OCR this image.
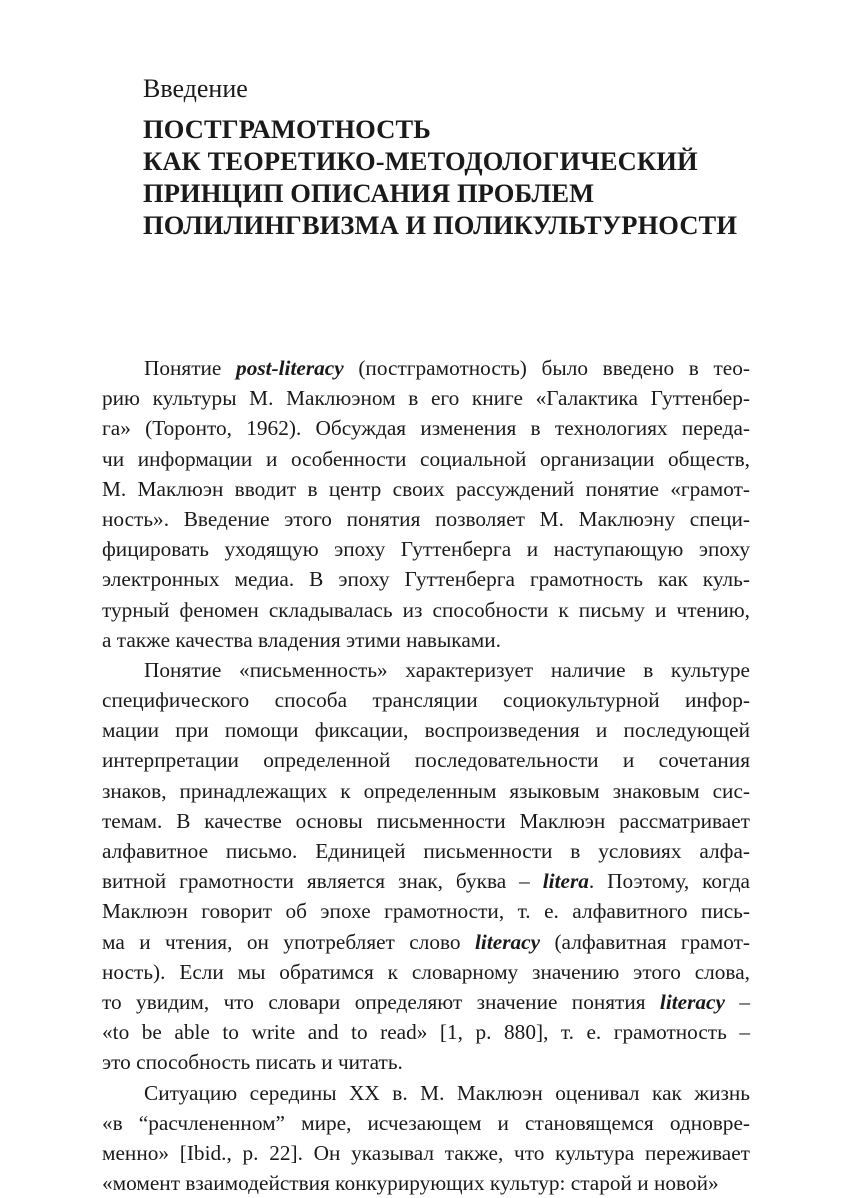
Введение
ПОСТГРАМОТНОСТЬ
КАК ТЕОРЕТИКО-МЕТОДОЛОГИЧЕСКИЙ
ПРИНЦИП ОПИСАНИЯ ПРОБЛЕМ
ПОЛИЛИНГВИЗМА И ПОЛИКУЛЬТУРНОСТИ
Понятие post-literacy (постграмотность) было введено в тео-
рию культуры М. Маклюэном в его книге «Галактика Гуттенбер-
га» (Торонто, 1962). Обсуждая изменения в технологиях переда-
чи информации и особенности социальной организации обществ,
М. Маклюэн вводит в центр своих рассуждений понятие «грамот-
ность». Введение этого понятия позволяет М. Маклюэну специ-
фицировать уходящую эпоху Гуттенберга и наступающую эпоху
электронных медиа. В эпоху Гуттенберга грамотность как куль-
турный феномен складывалась из способности к письму и чтению,
а также качества владения этими навыками.
Понятие «письменность» характеризует наличие в культуре
специфического способа трансляции социокультурной инфор-
мации при помощи фиксации, воспроизведения и последующей
интерпретации определенной последовательности и сочетания
знаков, принадлежащих к определенным языковым знаковым сис-
темам. В качестве основы письменности Маклюэн рассматривает
алфавитное письмо. Единицей письменности в условиях алфа-
витной грамотности является знак, буква – litera. Поэтому, когда
Маклюэн говорит об эпохе грамотности, т. е. алфавитного пись-
ма и чтения, он употребляет слово literacy (алфавитная грамот-
ность). Если мы обратимся к словарному значению этого слова,
то увидим, что словари определяют значение понятия literacy –
«to be able to write and to read» [1, p. 880], т. е. грамотность –
это способность писать и читать.
Ситуацию середины XX в. М. Маклюэн оценивал как жизнь
«в “расчлененном” мире, исчезающем и становящемся одновре-
менно» [Ibid., p. 22]. Он указывал также, что культура переживает
«момент взаимодействия конкурирующих культур: старой и новой»
